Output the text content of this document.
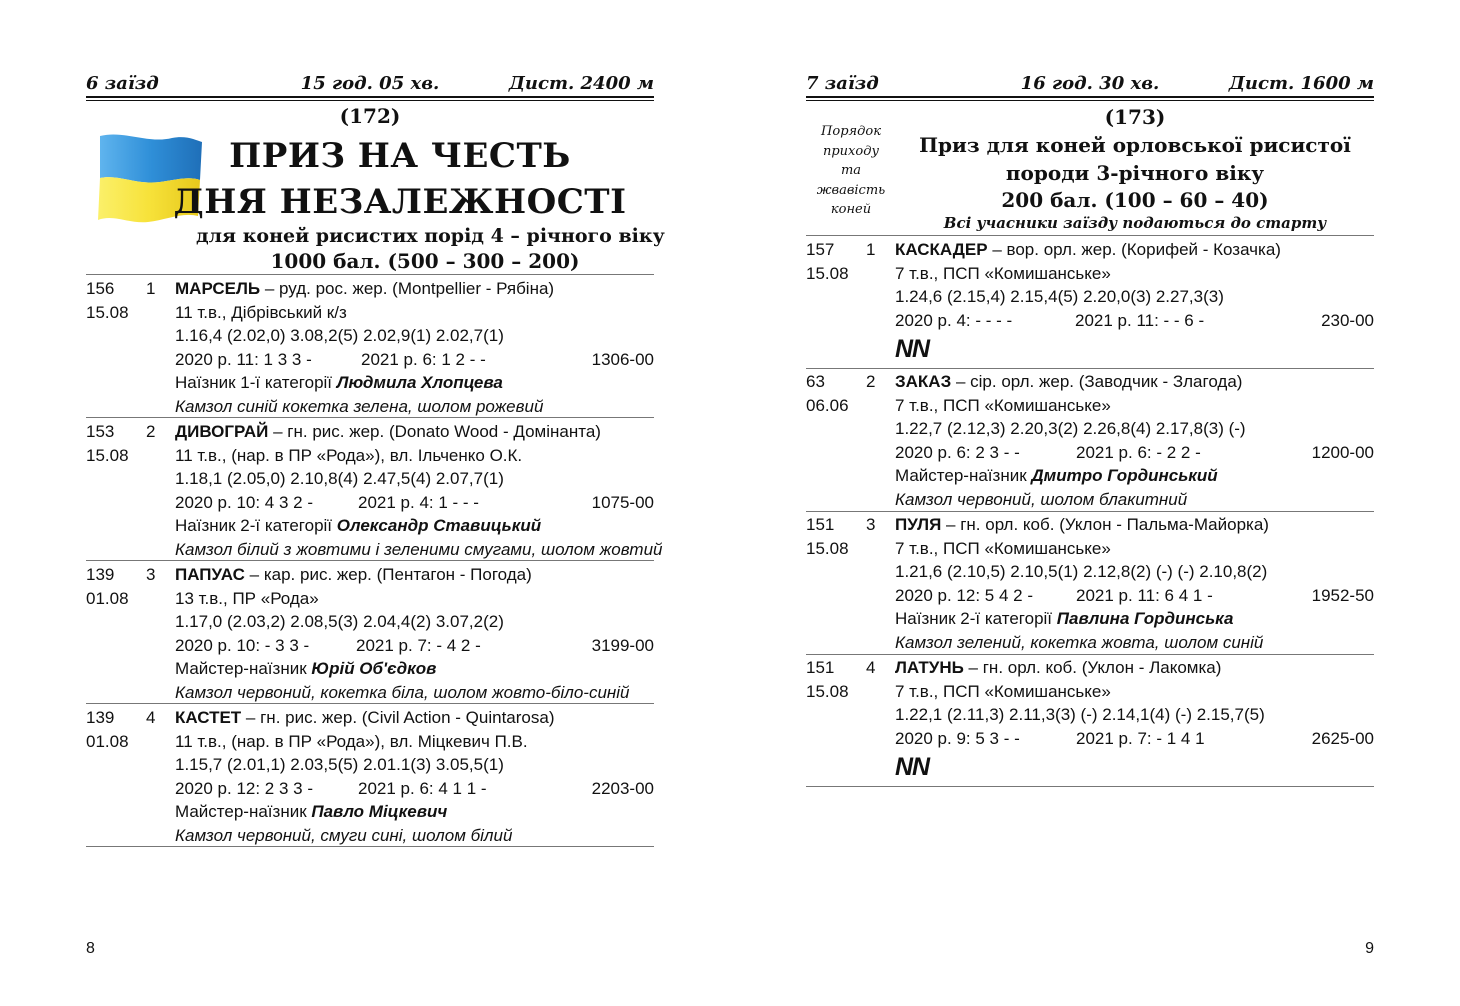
6 заїзд	15 год. 05 хв.	Дист. 2400 м
(172)
ПРИЗ НА ЧЕСТЬ
ДНЯ НЕЗАЛЕЖНОСТІ
для коней рисистих порід 4 – річного віку
1000 бал. (500 – 300 – 200)
156
15.08
1	МАРСЕЛЬ – руд. рос. жер. (Montpellier - Рябіна)
11 т.в., Дібрівський к/з
1.16,4 (2.02,0) 3.08,2(5) 2.02,9(1) 2.02,7(1)
2020 р. 11: 1 3 3 -	2021 р. 6: 1 2 - -	1306-00
Наїзник 1-ї категорії Людмила Хлопцева
Камзол синій кокетка зелена, шолом рожевий
153
15.08
2	ДИВОГРАЙ – гн. рис. жер. (Donato Wood - Домінанта)
11 т.в., (нар. в ПР «Рода»), вл. Ільченко О.К.
1.18,1 (2.05,0) 2.10,8(4) 2.47,5(4) 2.07,7(1)
2020 р. 10: 4 3 2 -	2021 р. 4: 1 - - -	1075-00
Наїзник 2-ї категорії Олександр Ставицький
Камзол білий з жовтими і зеленими смугами, шолом жовтий
139
01.08
3	ПАПУАС – кар. рис. жер. (Пентагон - Погода)
13 т.в., ПР «Рода»
1.17,0 (2.03,2) 2.08,5(3) 2.04,4(2) 3.07,2(2)
2020 р. 10: - 3 3 -	2021 р. 7: - 4 2 -	3199-00
Майстер-наїзник Юрій Об'єдков
Камзол червоний, кокетка біла, шолом жовто-біло-синій
139
01.08
4	КАСТЕТ – гн. рис. жер. (Civil Action - Quintarosa)
11 т.в., (нар. в ПР «Рода»), вл. Міцкевич П.В.
1.15,7 (2.01,1) 2.03,5(5) 2.01.1(3) 3.05,5(1)
2020 р. 12: 2 3 3 -	2021 р. 6: 4 1 1 -	2203-00
Майстер-наїзник Павло Міцкевич
Камзол червоний, смуги сині, шолом білий
8
7 заїзд	16 год. 30 хв.	Дист. 1600 м
Порядок
приходу
та
жвавість
коней
(173)
Приз для коней орловської рисистої
породи 3-річного віку
200 бал. (100 – 60 – 40)
Всі учасники заїзду подаються до старту
157
15.08
1	КАСКАДЕР – вор. орл. жер. (Корифей - Козачка)
7 т.в., ПСП «Комишанське»
1.24,6 (2.15,4) 2.15,4(5) 2.20,0(3) 2.27,3(3)
2020 р. 4: - - - -	2021 р. 11: - - 6 -	230-00
NN
63
06.06
2	ЗАКАЗ – сір. орл. жер. (Заводчик - Злагода)
7 т.в., ПСП «Комишанське»
1.22,7 (2.12,3) 2.20,3(2) 2.26,8(4) 2.17,8(3) (-)
2020 р. 6: 2 3 - -	2021 р. 6: - 2 2 -	1200-00
Майстер-наїзник Дмитро Гординський
Камзол червоний, шолом блакитний
151
15.08
3	ПУЛЯ – гн. орл. коб. (Уклон - Пальма-Майорка)
7 т.в., ПСП «Комишанське»
1.21,6 (2.10,5) 2.10,5(1) 2.12,8(2) (-) (-) 2.10,8(2)
2020 р. 12: 5 4 2 -	2021 р. 11: 6 4 1 -	1952-50
Наїзник 2-ї категорії Павлина Гординська
Камзол зелений, кокетка жовта, шолом синій
151
15.08
4	ЛАТУНЬ – гн. орл. коб. (Уклон - Лакомка)
7 т.в., ПСП «Комишанське»
1.22,1 (2.11,3) 2.11,3(3) (-) 2.14,1(4) (-) 2.15,7(5)
2020 р. 9: 5 3 - -	2021 р. 7: - 1 4 1	2625-00
NN
9
